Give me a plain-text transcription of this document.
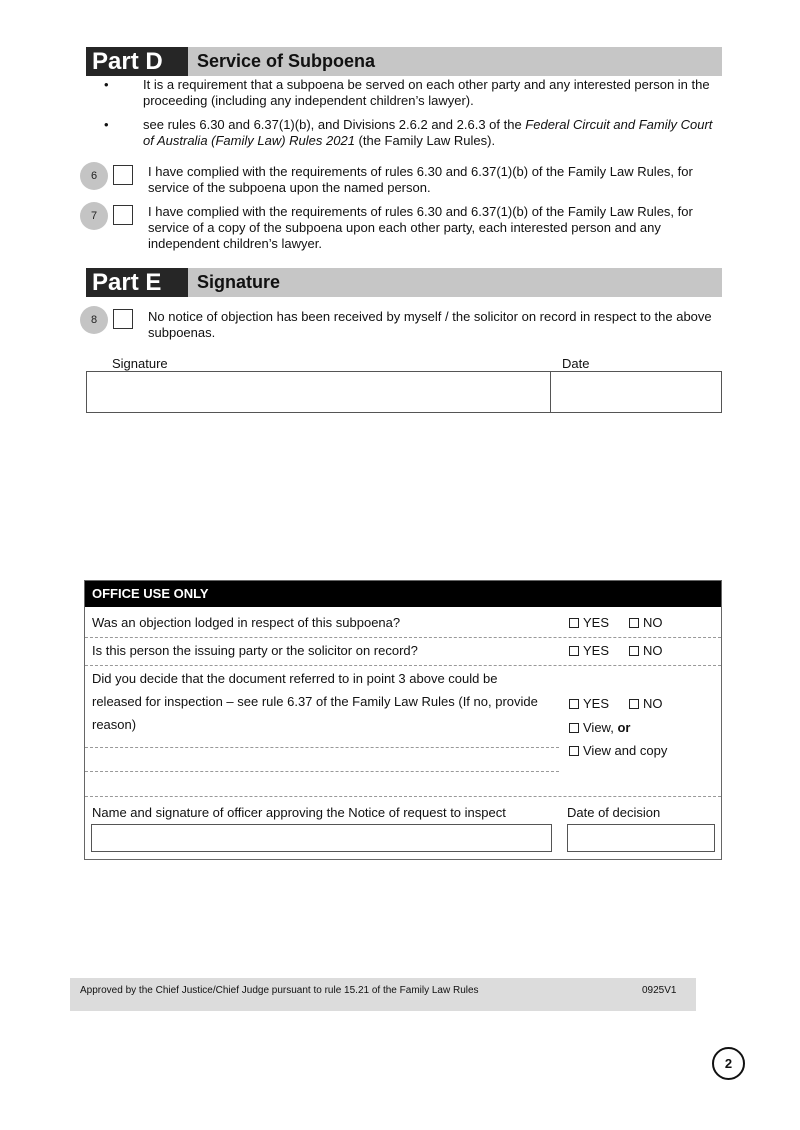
Part D	Service of Subpoena
•	It is a requirement that a subpoena be served on each other party and any interested person in the proceeding (including any independent children’s lawyer).
•	see rules 6.30 and 6.37(1)(b), and Divisions 2.6.2 and 2.6.3 of the Federal Circuit and Family Court of Australia (Family Law) Rules 2021 (the Family Law Rules).
6	I have complied with the requirements of rules 6.30 and 6.37(1)(b) of the Family Law Rules, for service of the subpoena upon the named person.
7	I have complied with the requirements of rules 6.30 and 6.37(1)(b) of the Family Law Rules, for service of a copy of the subpoena upon each other party, each interested person and any independent children’s lawyer.
Part E	Signature
8	No notice of objection has been received by myself / the solicitor on record in respect to the above subpoenas.
Signature	Date
OFFICE USE ONLY
Was an objection lodged in respect of this subpoena?	YES	NO
Is this person the issuing party or the solicitor on record?	YES	NO
Did you decide that the document referred to in point 3 above could be
released for inspection – see rule 6.37 of the Family Law Rules (If no, provide
reason)
YES	NO
View, or
View and copy
Name and signature of officer approving the Notice of request to inspect	Date of decision
Approved by the Chief Justice/Chief Judge pursuant to rule 15.21 of the Family Law Rules	0925V1
2
